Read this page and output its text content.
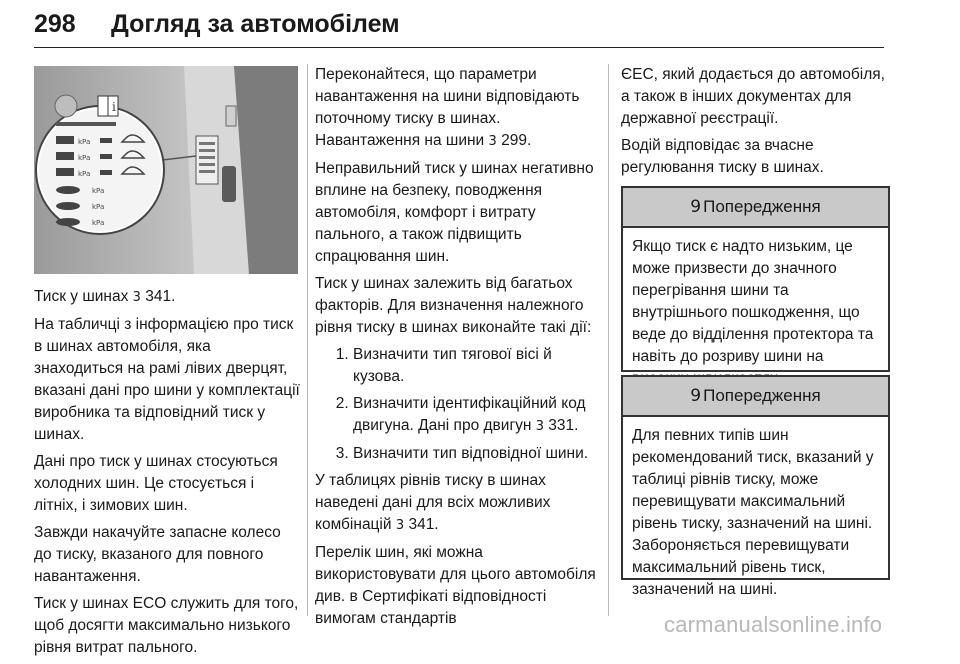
298 Догляд за автомобілем
i
kPa
kPa
kPa
kPa
kPa
kPa

Тиск у шинах 3 341.

На табличці з інформацією про тиск в шинах автомобіля, яка знаходиться на рамі лівих дверцят, вказані дані про шини у комплектації виробника та відповідний тиск у шинах.

Дані про тиск у шинах стосуються холодних шин. Це стосується і літніх, і зимових шин.

Завжди накачуйте запасне колесо до тиску, вказаного для повного навантаження.

Тиск у шинах ECO служить для того, щоб досягти максимально низького рівня витрат пального.

Переконайтеся, що параметри навантаження на шини відповідають поточному тиску в шинах. Навантаження на шини 3 299.

Неправильний тиск у шинах негативно вплине на безпеку, поводження автомобіля, комфорт і витрату пального, а також підвищить спрацювання шин.

Тиск у шинах залежить від багатьох факторів. Для визначення належного рівня тиску в шинах виконайте такі дії:

1. Визначити тип тягової вісі й кузова.
2. Визначити ідентифікаційний код двигуна. Дані про двигун 3 331.
3. Визначити тип відповідної шини.

У таблицях рівнів тиску в шинах наведені дані для всіх можливих комбінацій 3 341.

Перелік шин, які можна використовувати для цього автомобіля див. в Сертифікаті відповідності вимогам стандартів

ЄЕС, який додається до автомобіля, а також в інших документах для державної реєстрації.

Водій відповідає за вчасне регулювання тиску в шинах.

9 Попередження
Якщо тиск є надто низьким, це може призвести до значного перегрівання шини та внутрішнього пошкодження, що веде до відділення протектора та навіть до розриву шини на
9 Попередження
Для певних типів шин рекомендований тиск, вказаний у таблиці рівнів тиску, може перевищувати максимальний рівень тиску, зазначений на шині. Забороняється перевищувати максимальний рівень тиск, зазначений на шині.
carmanualsonline.info
